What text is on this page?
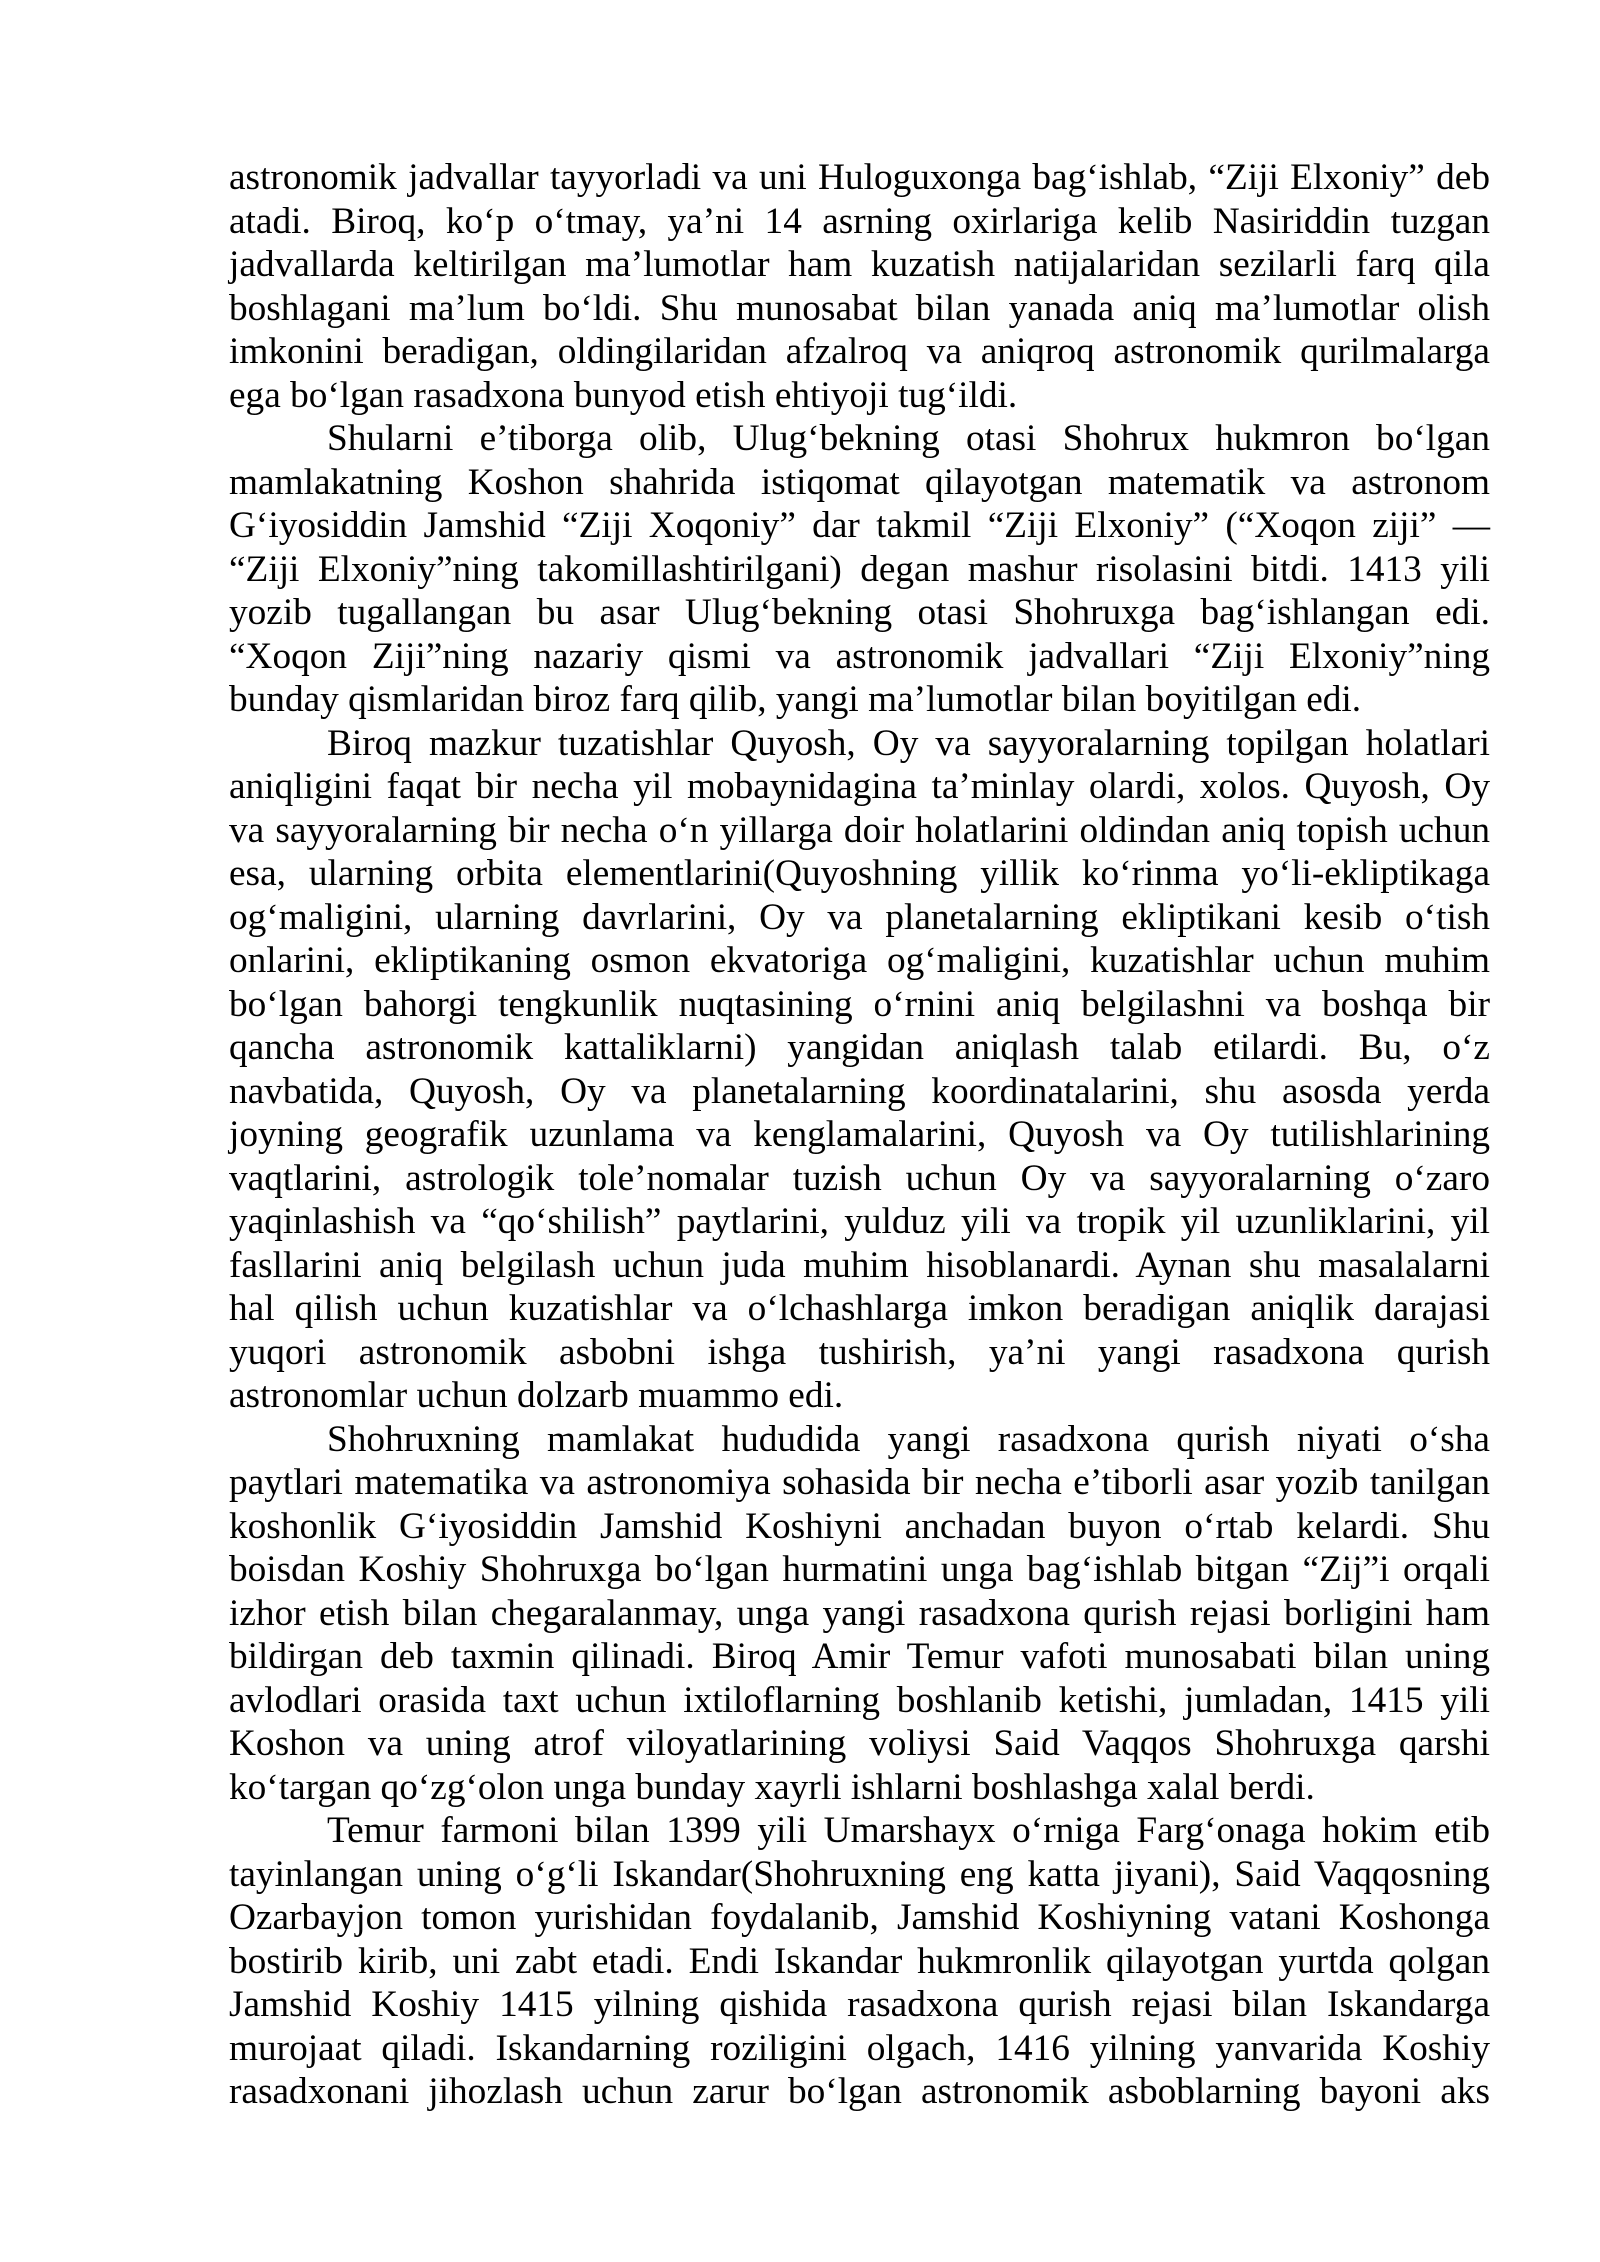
astronomik jadvallar tayyorladi va uni Huloguxonga bag‘ishlab, “Ziji Elxoniy” deb
atadi. Biroq, ko‘p o‘tmay, ya’ni 14 asrning oxirlariga kelib Nasiriddin tuzgan
jadvallarda keltirilgan ma’lumotlar ham kuzatish natijalaridan sezilarli farq qila
boshlagani ma’lum bo‘ldi. Shu munosabat bilan yanada aniq ma’lumotlar olish
imkonini beradigan, oldingilaridan afzalroq va aniqroq astronomik qurilmalarga
ega bo‘lgan rasadxona bunyod etish ehtiyoji tug‘ildi.
Shularni e’tiborga olib, Ulug‘bekning otasi Shohrux hukmron bo‘lgan
mamlakatning Koshon shahrida istiqomat qilayotgan matematik va astronom
G‘iyosiddin Jamshid “Ziji Xoqoniy” dar takmil “Ziji Elxoniy” (“Xoqon ziji” —
“Ziji Elxoniy”ning takomillashtirilgani) degan mashur risolasini bitdi. 1413 yili
yozib tugallangan bu asar Ulug‘bekning otasi Shohruxga bag‘ishlangan edi.
“Xoqon Ziji”ning nazariy qismi va astronomik jadvallari “Ziji Elxoniy”ning
bunday qismlaridan biroz farq qilib, yangi ma’lumotlar bilan boyitilgan edi.
Biroq mazkur tuzatishlar Quyosh, Oy va sayyoralarning topilgan holatlari
aniqligini faqat bir necha yil mobaynidagina ta’minlay olardi, xolos. Quyosh, Oy
va sayyoralarning bir necha o‘n yillarga doir holatlarini oldindan aniq topish uchun
esa, ularning orbita elementlarini(Quyoshning yillik ko‘rinma yo‘li-ekliptikaga
og‘maligini, ularning davrlarini, Oy va planetalarning ekliptikani kesib o‘tish
onlarini, ekliptikaning osmon ekvatoriga og‘maligini, kuzatishlar uchun muhim
bo‘lgan bahorgi tengkunlik nuqtasining o‘rnini aniq belgilashni va boshqa bir
qancha astronomik kattaliklarni) yangidan aniqlash talab etilardi. Bu, o‘z
navbatida, Quyosh, Oy va planetalarning koordinatalarini, shu asosda yerda
joyning geografik uzunlama va kenglamalarini, Quyosh va Oy tutilishlarining
vaqtlarini, astrologik tole’nomalar tuzish uchun Oy va sayyoralarning o‘zaro
yaqinlashish va “qo‘shilish” paytlarini, yulduz yili va tropik yil uzunliklarini, yil
fasllarini aniq belgilash uchun juda muhim hisoblanardi. Aynan shu masalalarni
hal qilish uchun kuzatishlar va o‘lchashlarga imkon beradigan aniqlik darajasi
yuqori astronomik asbobni ishga tushirish, ya’ni yangi rasadxona qurish
astronomlar uchun dolzarb muammo edi.
Shohruxning mamlakat hududida yangi rasadxona qurish niyati o‘sha
paytlari matematika va astronomiya sohasida bir necha e’tiborli asar yozib tanilgan
koshonlik G‘iyosiddin Jamshid Koshiyni anchadan buyon o‘rtab kelardi. Shu
boisdan Koshiy Shohruxga bo‘lgan hurmatini unga bag‘ishlab bitgan “Zij”i orqali
izhor etish bilan chegaralanmay, unga yangi rasadxona qurish rejasi borligini ham
bildirgan deb taxmin qilinadi. Biroq Amir Temur vafoti munosabati bilan uning
avlodlari orasida taxt uchun ixtiloflarning boshlanib ketishi, jumladan, 1415 yili
Koshon va uning atrof viloyatlarining voliysi Said Vaqqos Shohruxga qarshi
ko‘targan qo‘zg‘olon unga bunday xayrli ishlarni boshlashga xalal berdi.
Temur farmoni bilan 1399 yili Umarshayx o‘rniga Farg‘onaga hokim etib
tayinlangan uning o‘g‘li Iskandar(Shohruxning eng katta jiyani), Said Vaqqosning
Ozarbayjon tomon yurishidan foydalanib, Jamshid Koshiyning vatani Koshonga
bostirib kirib, uni zabt etadi. Endi Iskandar hukmronlik qilayotgan yurtda qolgan
Jamshid Koshiy 1415 yilning qishida rasadxona qurish rejasi bilan Iskandarga
murojaat qiladi. Iskandarning roziligini olgach, 1416 yilning yanvarida Koshiy
rasadxonani jihozlash uchun zarur bo‘lgan astronomik asboblarning bayoni aks
